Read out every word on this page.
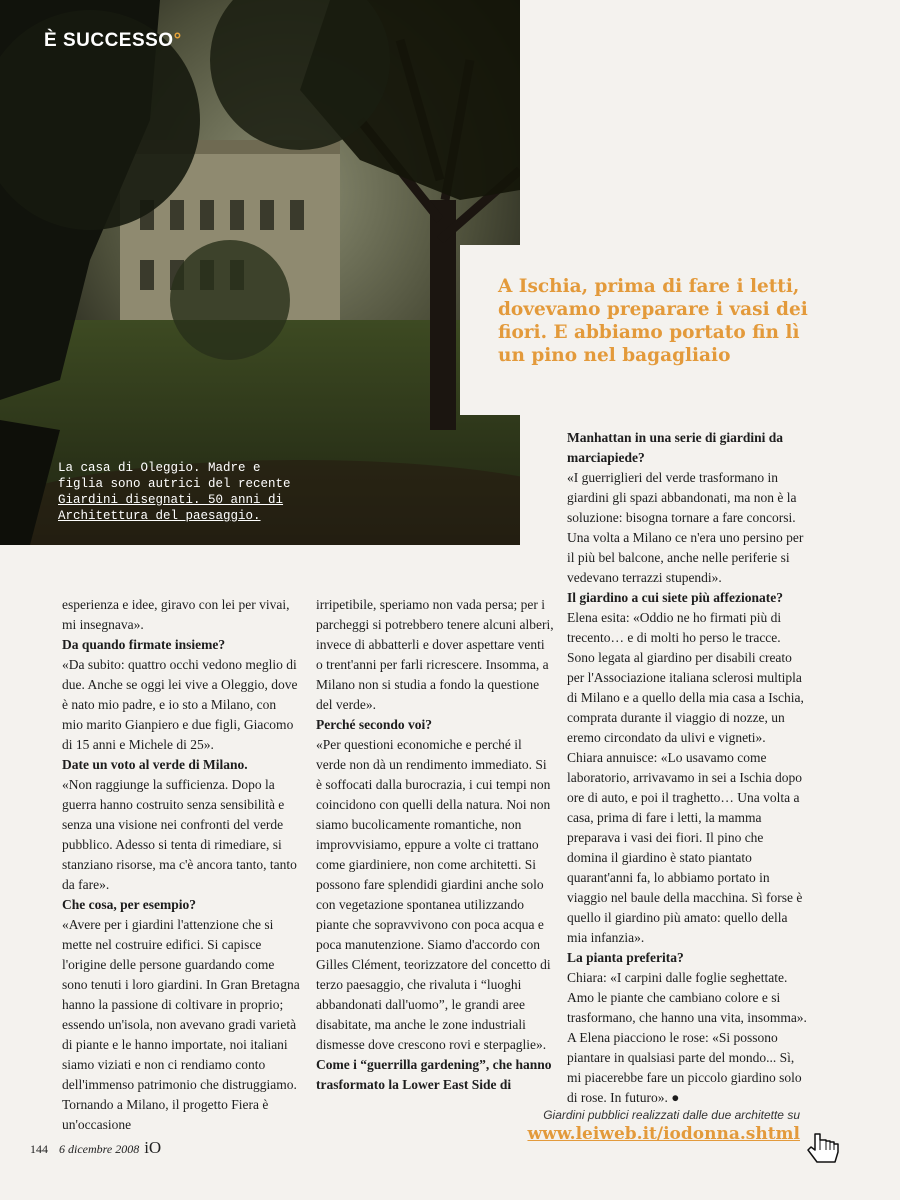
È SUCCESSO°
La casa di Oleggio. Madre e
figlia sono autrici del recente
Giardini disegnati. 50 anni di
Architettura del paesaggio.
A Ischia, prima di fare i letti, dovevamo preparare i vasi dei fiori. E abbiamo portato fin lì un pino nel bagagliaio

esperienza e idee, giravo con lei per vivai, mi insegnava».

Da quando firmate insieme?

«Da subito: quattro occhi vedono meglio di due. Anche se oggi lei vive a Oleggio, dove è nato mio padre, e io sto a Milano, con mio marito Gianpiero e due figli, Giacomo di 15 anni e Michele di 25».

Date un voto al verde di Milano.

«Non raggiunge la sufficienza. Dopo la guerra hanno costruito senza sensibilità e senza una visione nei confronti del verde pubblico. Adesso si tenta di rimediare, si stanziano risorse, ma c'è ancora tanto, tanto da fare».

Che cosa, per esempio?

«Avere per i giardini l'attenzione che si mette nel costruire edifici. Si capisce l'origine delle persone guardando come sono tenuti i loro giardini. In Gran Bretagna hanno la passione di coltivare in proprio; essendo un'isola, non avevano gradi varietà di piante e le hanno importate, noi italiani siamo viziati e non ci rendiamo conto dell'immenso patrimonio che distruggiamo. Tornando a Milano, il progetto Fiera è un'occasione

irripetibile, speriamo non vada persa; per i parcheggi si potrebbero tenere alcuni alberi, invece di abbatterli e dover aspettare venti o trent'anni per farli ricrescere. Insomma, a Milano non si studia a fondo la questione del verde».

Perché secondo voi?

«Per questioni economiche e perché il verde non dà un rendimento immediato. Si è soffocati dalla burocrazia, i cui tempi non coincidono con quelli della natura. Noi non siamo bucolicamente romantiche, non improvvisiamo, eppure a volte ci trattano come giardiniere, non come architetti. Si possono fare splendidi giardini anche solo con vegetazione spontanea utilizzando piante che sopravvivono con poca acqua e poca manutenzione. Siamo d'accordo con Gilles Clément, teorizzatore del concetto di terzo paesaggio, che rivaluta i “luoghi abbandonati dall'uomo”, le grandi aree disabitate, ma anche le zone industriali dismesse dove crescono rovi e sterpaglie».

Come i “guerrilla gardening”, che hanno trasformato la Lower East Side di

Manhattan in una serie di giardini da marciapiede?

«I guerriglieri del verde trasformano in giardini gli spazi abbandonati, ma non è la soluzione: bisogna tornare a fare concorsi. Una volta a Milano ce n'era uno persino per il più bel balcone, anche nelle periferie si vedevano terrazzi stupendi».

Il giardino a cui siete più affezionate?

Elena esita: «Oddio ne ho firmati più di trecento… e di molti ho perso le tracce. Sono legata al giardino per disabili creato per l'Associazione italiana sclerosi multipla di Milano e a quello della mia casa a Ischia, comprata durante il viaggio di nozze, un eremo circondato da ulivi e vigneti».

Chiara annuisce: «Lo usavamo come laboratorio, arrivavamo in sei a Ischia dopo ore di auto, e poi il traghetto… Una volta a casa, prima di fare i letti, la mamma preparava i vasi dei fiori. Il pino che domina il giardino è stato piantato quarant'anni fa, lo abbiamo portato in viaggio nel baule della macchina. Sì forse è quello il giardino più amato: quello della mia infanzia».

La pianta preferita?

Chiara: «I carpini dalle foglie seghettate. Amo le piante che cambiano colore e si trasformano, che hanno una vita, insomma».

A Elena piacciono le rose: «Si possono piantare in qualsiasi parte del mondo... Sì, mi piacerebbe fare un piccolo giardino solo di rose. In futuro». ●

Giardini pubblici realizzati dalle due architette su
www.leiweb.it/iodonna.shtml
144 6 dicembre 2008 iO
